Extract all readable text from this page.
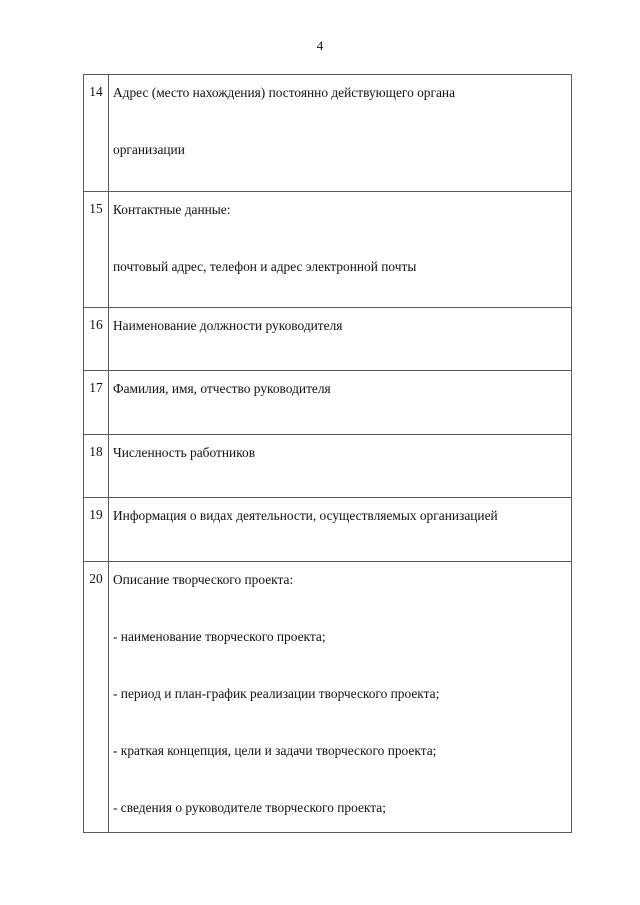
4
14	Адрес (место нахождения) постоянно действующего органа
организации

15	Контактные данные:
почтовый адрес, телефон и адрес электронной почты

16	Наименование должности руководителя

17	Фамилия, имя, отчество руководителя

18	Численность работников

19	Информация о видах деятельности, осуществляемых организацией

20	Описание творческого проекта:
- наименование творческого проекта;
- период и план-график реализации творческого проекта;
- краткая концепция, цели и задачи творческого проекта;
- сведения о руководителе творческого проекта;
